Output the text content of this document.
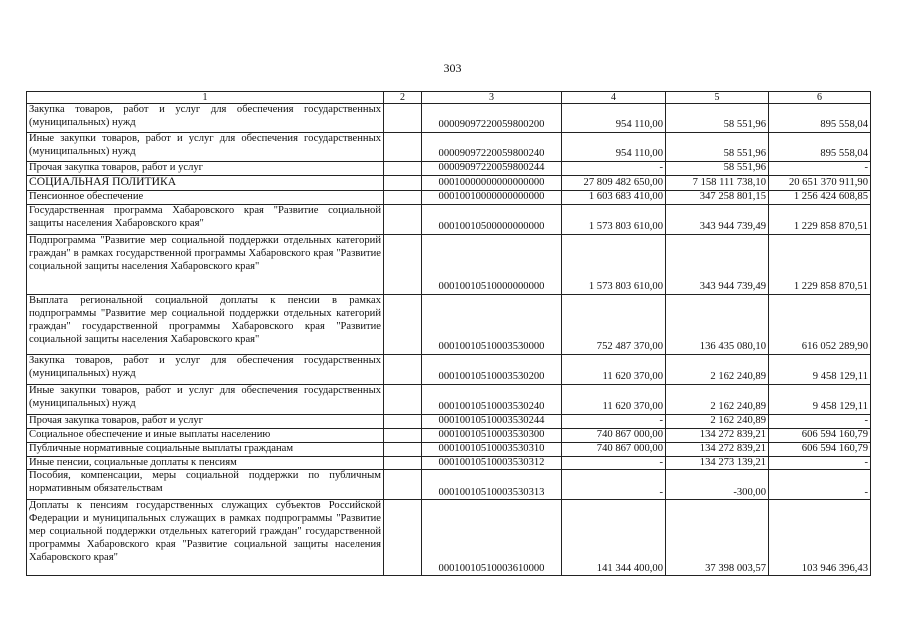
303
1	2	3	4	5	6
Закупка товаров, работ и услуг для обеспечения государственных (муниципальных) нужд		00009097220059800200	954 110,00	58 551,96	895 558,04
Иные закупки товаров, работ и услуг для обеспечения государственных (муниципальных) нужд		00009097220059800240	954 110,00	58 551,96	895 558,04
Прочая закупка товаров, работ и услуг		00009097220059800244	-	58 551,96	-
СОЦИАЛЬНАЯ ПОЛИТИКА		00010000000000000000	27 809 482 650,00	7 158 111 738,10	20 651 370 911,90
Пенсионное обеспечение		00010010000000000000	1 603 683 410,00	347 258 801,15	1 256 424 608,85
Государственная программа Хабаровского края "Развитие социальной защиты населения Хабаровского края"		00010010500000000000	1 573 803 610,00	343 944 739,49	1 229 858 870,51
Подпрограмма "Развитие мер социальной поддержки отдельных категорий граждан" в рамках государственной программы Хабаровского края "Развитие социальной защиты населения Хабаровского края"		00010010510000000000	1 573 803 610,00	343 944 739,49	1 229 858 870,51
Выплата региональной социальной доплаты к пенсии в рамках подпрограммы "Развитие мер социальной поддержки отдельных категорий граждан" государственной программы Хабаровского края "Развитие социальной защиты населения Хабаровского края"		00010010510003530000	752 487 370,00	136 435 080,10	616 052 289,90
Закупка товаров, работ и услуг для обеспечения государственных (муниципальных) нужд		00010010510003530200	11 620 370,00	2 162 240,89	9 458 129,11
Иные закупки товаров, работ и услуг для обеспечения государственных (муниципальных) нужд		00010010510003530240	11 620 370,00	2 162 240,89	9 458 129,11
Прочая закупка товаров, работ и услуг		00010010510003530244	-	2 162 240,89	-
Социальное обеспечение и иные выплаты населению		00010010510003530300	740 867 000,00	134 272 839,21	606 594 160,79
Публичные нормативные социальные выплаты гражданам		00010010510003530310	740 867 000,00	134 272 839,21	606 594 160,79
Иные пенсии, социальные доплаты к пенсиям		00010010510003530312	-	134 273 139,21	-
Пособия, компенсации, меры социальной поддержки по публичным нормативным обязательствам		00010010510003530313	-	-300,00	-
Доплаты к пенсиям государственных служащих субъектов Российской Федерации и муниципальных служащих в рамках подпрограммы "Развитие мер социальной поддержки отдельных категорий граждан" государственной программы Хабаровского края "Развитие социальной защиты населения Хабаровского края"		00010010510003610000	141 344 400,00	37 398 003,57	103 946 396,43
